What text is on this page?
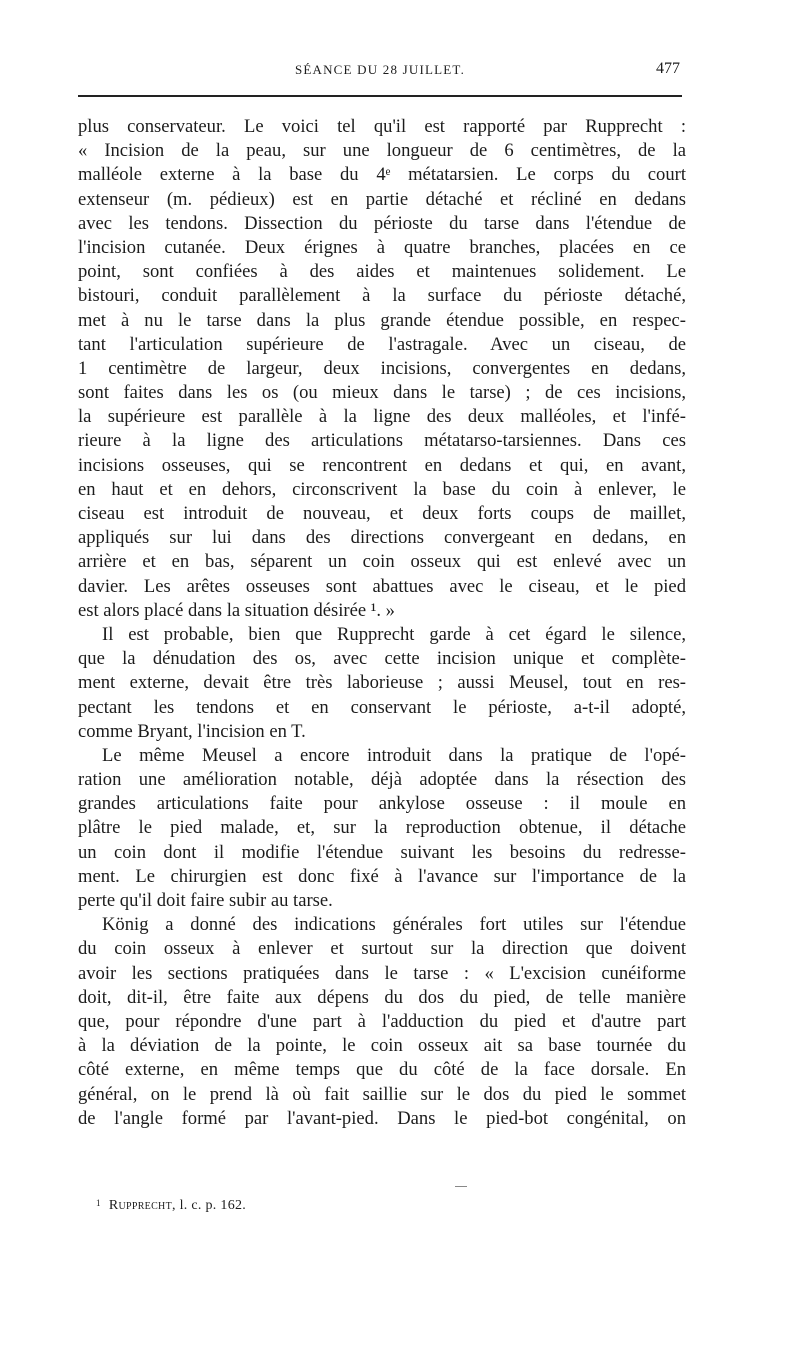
SÉANCE DU 28 JUILLET.	477
plus conservateur. Le voici tel qu'il est rapporté par Rupprecht :
« Incision de la peau, sur une longueur de 6 centimètres, de la
malléole externe à la base du 4ᵉ métatarsien. Le corps du court
extenseur (m. pédieux) est en partie détaché et récliné en dedans
avec les tendons. Dissection du périoste du tarse dans l'étendue de
l'incision cutanée. Deux érignes à quatre branches, placées en ce
point, sont confiées à des aides et maintenues solidement. Le
bistouri, conduit parallèlement à la surface du périoste détaché,
met à nu le tarse dans la plus grande étendue possible, en respec-
tant l'articulation supérieure de l'astragale. Avec un ciseau, de
1 centimètre de largeur, deux incisions, convergentes en dedans,
sont faites dans les os (ou mieux dans le tarse) ; de ces incisions,
la supérieure est parallèle à la ligne des deux malléoles, et l'infé-
rieure à la ligne des articulations métatarso-tarsiennes. Dans ces
incisions osseuses, qui se rencontrent en dedans et qui, en avant,
en haut et en dehors, circonscrivent la base du coin à enlever, le
ciseau est introduit de nouveau, et deux forts coups de maillet,
appliqués sur lui dans des directions convergeant en dedans, en
arrière et en bas, séparent un coin osseux qui est enlevé avec un
davier. Les arêtes osseuses sont abattues avec le ciseau, et le pied
est alors placé dans la situation désirée ¹. »
Il est probable, bien que Rupprecht garde à cet égard le silence,
que la dénudation des os, avec cette incision unique et complète-
ment externe, devait être très laborieuse ; aussi Meusel, tout en res-
pectant les tendons et en conservant le périoste, a-t-il adopté,
comme Bryant, l'incision en T.
Le même Meusel a encore introduit dans la pratique de l'opé-
ration une amélioration notable, déjà adoptée dans la résection des
grandes articulations faite pour ankylose osseuse : il moule en
plâtre le pied malade, et, sur la reproduction obtenue, il détache
un coin dont il modifie l'étendue suivant les besoins du redresse-
ment. Le chirurgien est donc fixé à l'avance sur l'importance de la
perte qu'il doit faire subir au tarse.
König a donné des indications générales fort utiles sur l'étendue
du coin osseux à enlever et surtout sur la direction que doivent
avoir les sections pratiquées dans le tarse : « L'excision cunéiforme
doit, dit-il, être faite aux dépens du dos du pied, de telle manière
que, pour répondre d'une part à l'adduction du pied et d'autre part
à la déviation de la pointe, le coin osseux ait sa base tournée du
côté externe, en même temps que du côté de la face dorsale. En
général, on le prend là où fait saillie sur le dos du pied le sommet
de l'angle formé par l'avant-pied. Dans le pied-bot congénital, on
$^1$ Rupprecht, l. c. p. 162.
